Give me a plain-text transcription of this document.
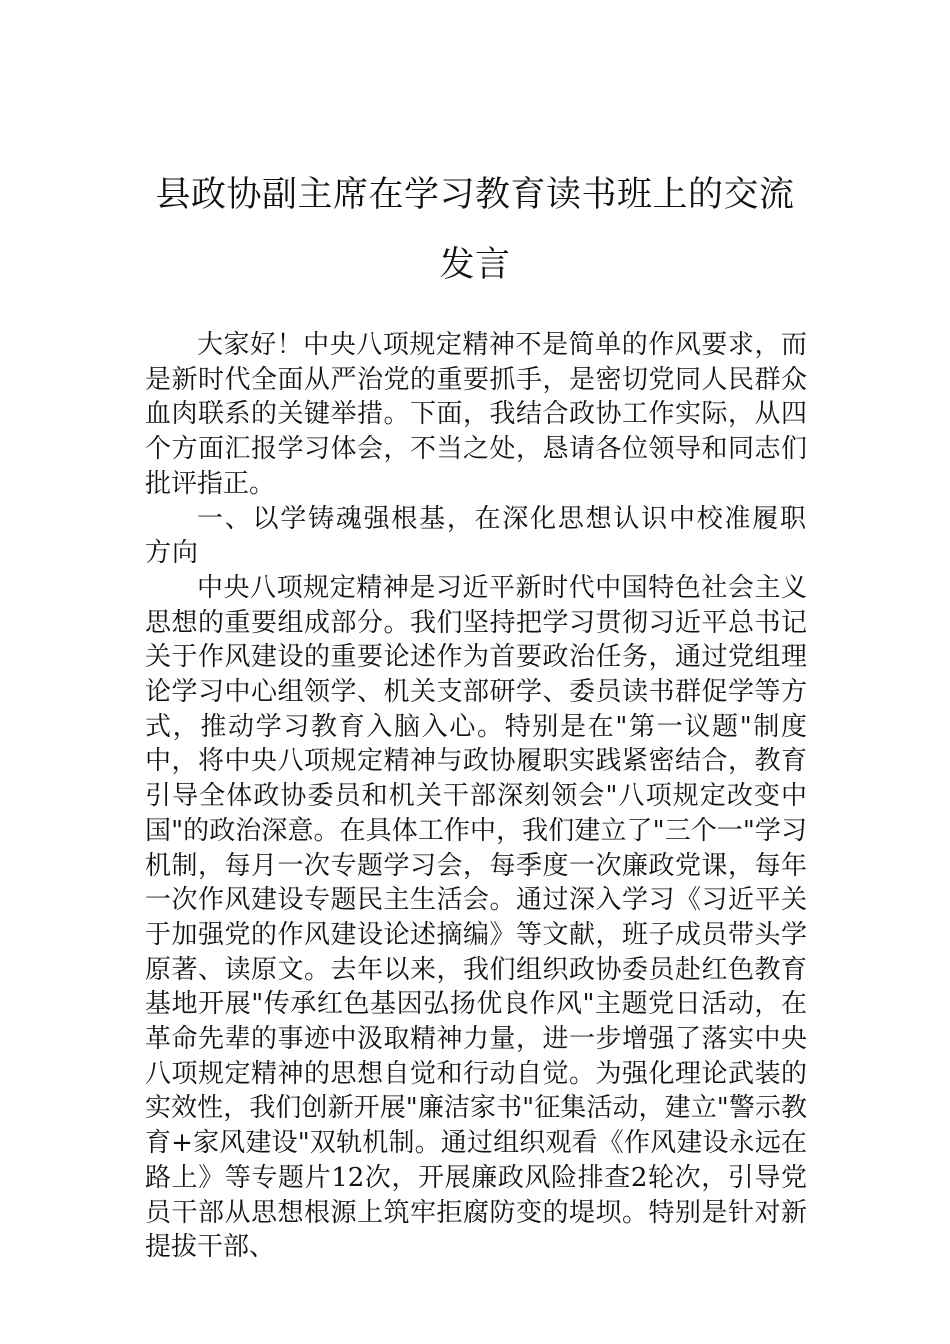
县政协副主席在学习教育读书班上的交流
发言

大家好！中央八项规定精神不是简单的作风要求，而是新时代全面从严治党的重要抓手，是密切党同人民群众血肉联系的关键举措。下面，我结合政协工作实际，从四个方面汇报学习体会，不当之处，恳请各位领导和同志们批评指正。

一、以学铸魂强根基，在深化思想认识中校准履职方向

中央八项规定精神是习近平新时代中国特色社会主义思想的重要组成部分。我们坚持把学习贯彻习近平总书记关于作风建设的重要论述作为首要政治任务，通过党组理论学习中心组领学、机关支部研学、委员读书群促学等方式，推动学习教育入脑入心。特别是在"第一议题"制度中，将中央八项规定精神与政协履职实践紧密结合，教育引导全体政协委员和机关干部深刻领会"八项规定改变中国"的政治深意。在具体工作中，我们建立了"三个一"学习机制，每月一次专题学习会，每季度一次廉政党课，每年一次作风建设专题民主生活会。通过深入学习《习近平关于加强党的作风建设论述摘编》等文献，班子成员带头学原著、读原文。去年以来，我们组织政协委员赴红色教育基地开展"传承红色基因弘扬优良作风"主题党日活动，在革命先辈的事迹中汲取精神力量，进一步增强了落实中央八项规定精神的思想自觉和行动自觉。为强化理论武装的实效性，我们创新开展"廉洁家书"征集活动，建立"警示教育+家风建设"双轨机制。通过组织观看《作风建设永远在路上》等专题片12次，开展廉政风险排查2轮次，引导党员干部从思想根源上筑牢拒腐防变的堤坝。特别是针对新提拔干部、
